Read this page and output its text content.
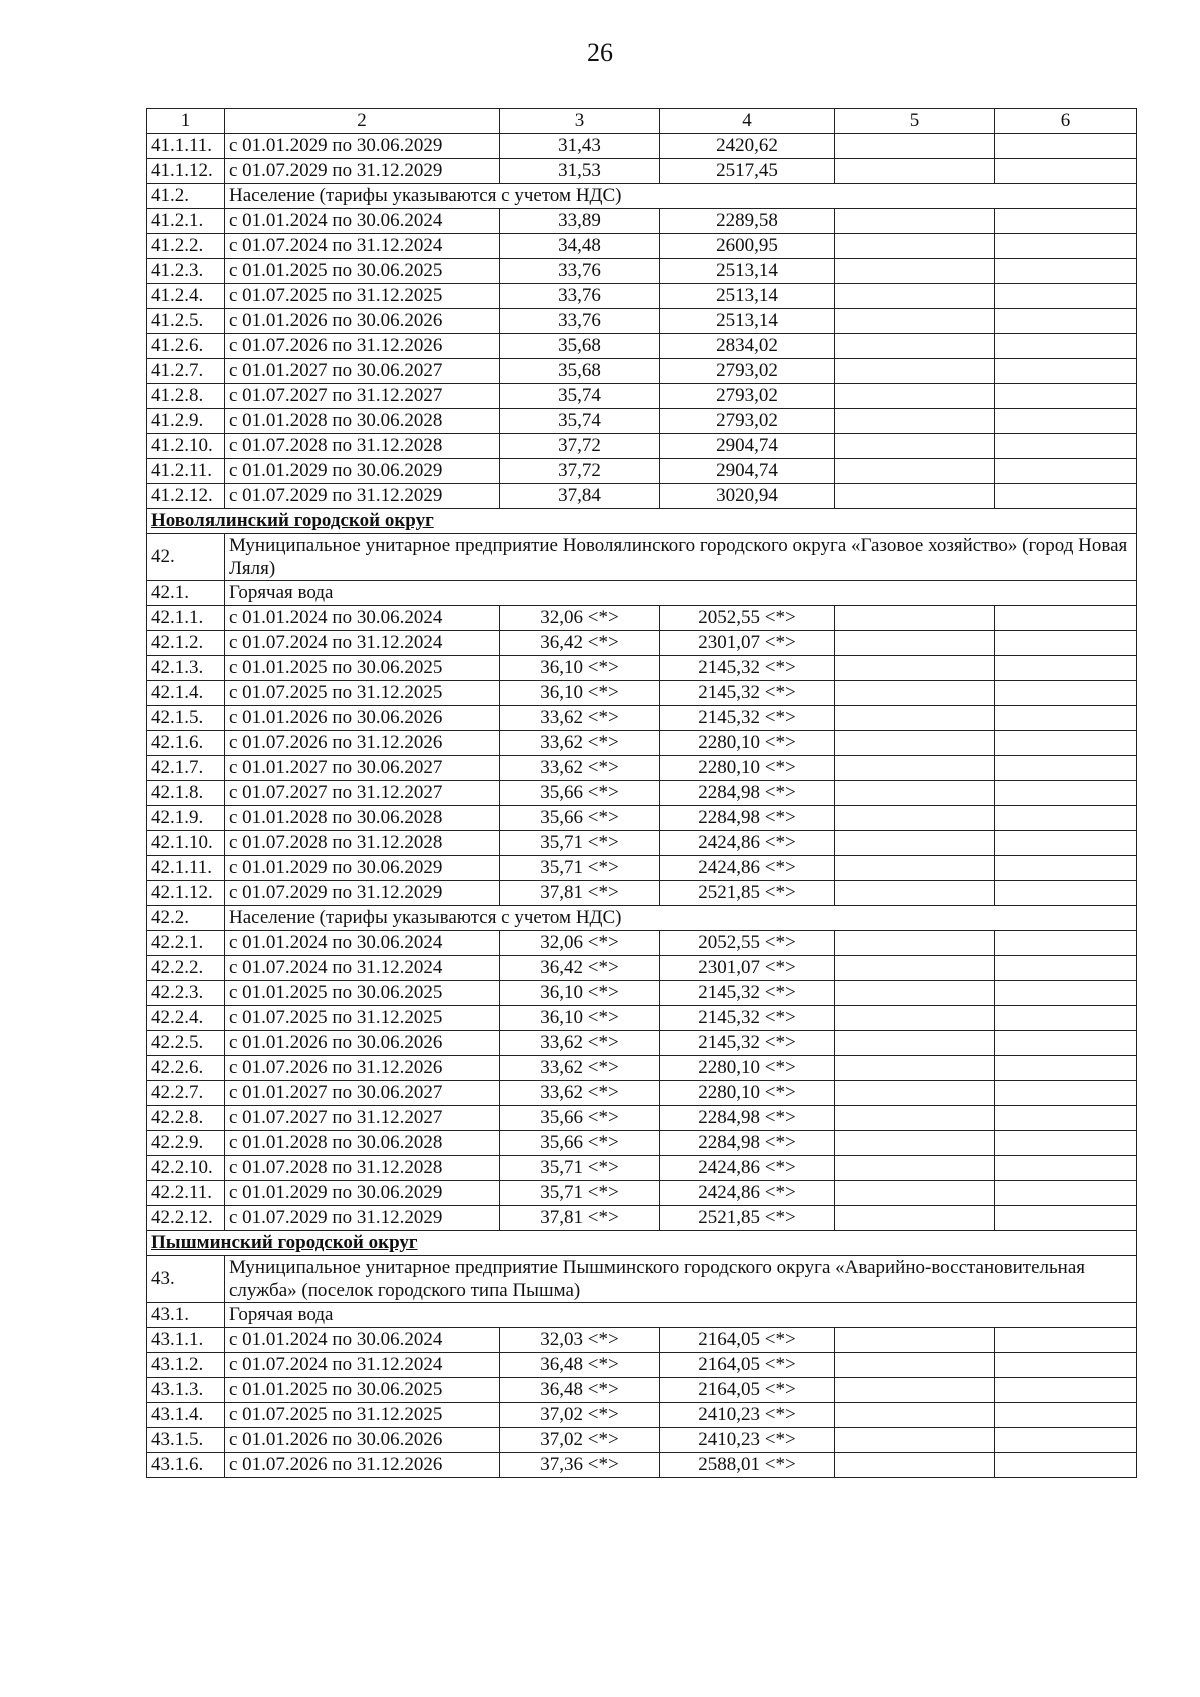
26
1	2	3	4	5	6
41.1.11.	с 01.01.2029 по 30.06.2029	31,43	2420,62		
41.1.12.	с 01.07.2029 по 31.12.2029	31,53	2517,45		
41.2.	Население (тарифы указываются с учетом НДС)				
41.2.1.	с 01.01.2024 по 30.06.2024	33,89	2289,58		
41.2.2.	с 01.07.2024 по 31.12.2024	34,48	2600,95		
41.2.3.	с 01.01.2025 по 30.06.2025	33,76	2513,14		
41.2.4.	с 01.07.2025 по 31.12.2025	33,76	2513,14		
41.2.5.	с 01.01.2026 по 30.06.2026	33,76	2513,14		
41.2.6.	с 01.07.2026 по 31.12.2026	35,68	2834,02		
41.2.7.	с 01.01.2027 по 30.06.2027	35,68	2793,02		
41.2.8.	с 01.07.2027 по 31.12.2027	35,74	2793,02		
41.2.9.	с 01.01.2028 по 30.06.2028	35,74	2793,02		
41.2.10.	с 01.07.2028 по 31.12.2028	37,72	2904,74		
41.2.11.	с 01.01.2029 по 30.06.2029	37,72	2904,74		
41.2.12.	с 01.07.2029 по 31.12.2029	37,84	3020,94		
Новолялинский городской округ					
42.	Муниципальное унитарное предприятие Новолялинского городского округа «Газовое хозяйство» (город Новая Ляля)				
42.1.	Горячая вода				
42.1.1.	с 01.01.2024 по 30.06.2024	32,06 <*>	2052,55 <*>		
42.1.2.	с 01.07.2024 по 31.12.2024	36,42 <*>	2301,07 <*>		
42.1.3.	с 01.01.2025 по 30.06.2025	36,10 <*>	2145,32 <*>		
42.1.4.	с 01.07.2025 по 31.12.2025	36,10 <*>	2145,32 <*>		
42.1.5.	с 01.01.2026 по 30.06.2026	33,62 <*>	2145,32 <*>		
42.1.6.	с 01.07.2026 по 31.12.2026	33,62 <*>	2280,10 <*>		
42.1.7.	с 01.01.2027 по 30.06.2027	33,62 <*>	2280,10 <*>		
42.1.8.	с 01.07.2027 по 31.12.2027	35,66 <*>	2284,98 <*>		
42.1.9.	с 01.01.2028 по 30.06.2028	35,66 <*>	2284,98 <*>		
42.1.10.	с 01.07.2028 по 31.12.2028	35,71 <*>	2424,86 <*>		
42.1.11.	с 01.01.2029 по 30.06.2029	35,71 <*>	2424,86 <*>		
42.1.12.	с 01.07.2029 по 31.12.2029	37,81 <*>	2521,85 <*>		
42.2.	Население (тарифы указываются с учетом НДС)				
42.2.1.	с 01.01.2024 по 30.06.2024	32,06 <*>	2052,55 <*>		
42.2.2.	с 01.07.2024 по 31.12.2024	36,42 <*>	2301,07 <*>		
42.2.3.	с 01.01.2025 по 30.06.2025	36,10 <*>	2145,32 <*>		
42.2.4.	с 01.07.2025 по 31.12.2025	36,10 <*>	2145,32 <*>		
42.2.5.	с 01.01.2026 по 30.06.2026	33,62 <*>	2145,32 <*>		
42.2.6.	с 01.07.2026 по 31.12.2026	33,62 <*>	2280,10 <*>		
42.2.7.	с 01.01.2027 по 30.06.2027	33,62 <*>	2280,10 <*>		
42.2.8.	с 01.07.2027 по 31.12.2027	35,66 <*>	2284,98 <*>		
42.2.9.	с 01.01.2028 по 30.06.2028	35,66 <*>	2284,98 <*>		
42.2.10.	с 01.07.2028 по 31.12.2028	35,71 <*>	2424,86 <*>		
42.2.11.	с 01.01.2029 по 30.06.2029	35,71 <*>	2424,86 <*>		
42.2.12.	с 01.07.2029 по 31.12.2029	37,81 <*>	2521,85 <*>		
Пышминский городской округ					
43.	Муниципальное унитарное предприятие Пышминского городского округа «Аварийно-восстановительная служба» (поселок городского типа Пышма)				
43.1.	Горячая вода				
43.1.1.	с 01.01.2024 по 30.06.2024	32,03 <*>	2164,05 <*>		
43.1.2.	с 01.07.2024 по 31.12.2024	36,48 <*>	2164,05 <*>		
43.1.3.	с 01.01.2025 по 30.06.2025	36,48 <*>	2164,05 <*>		
43.1.4.	с 01.07.2025 по 31.12.2025	37,02 <*>	2410,23 <*>		
43.1.5.	с 01.01.2026 по 30.06.2026	37,02 <*>	2410,23 <*>		
43.1.6.	с 01.07.2026 по 31.12.2026	37,36 <*>	2588,01 <*>		
